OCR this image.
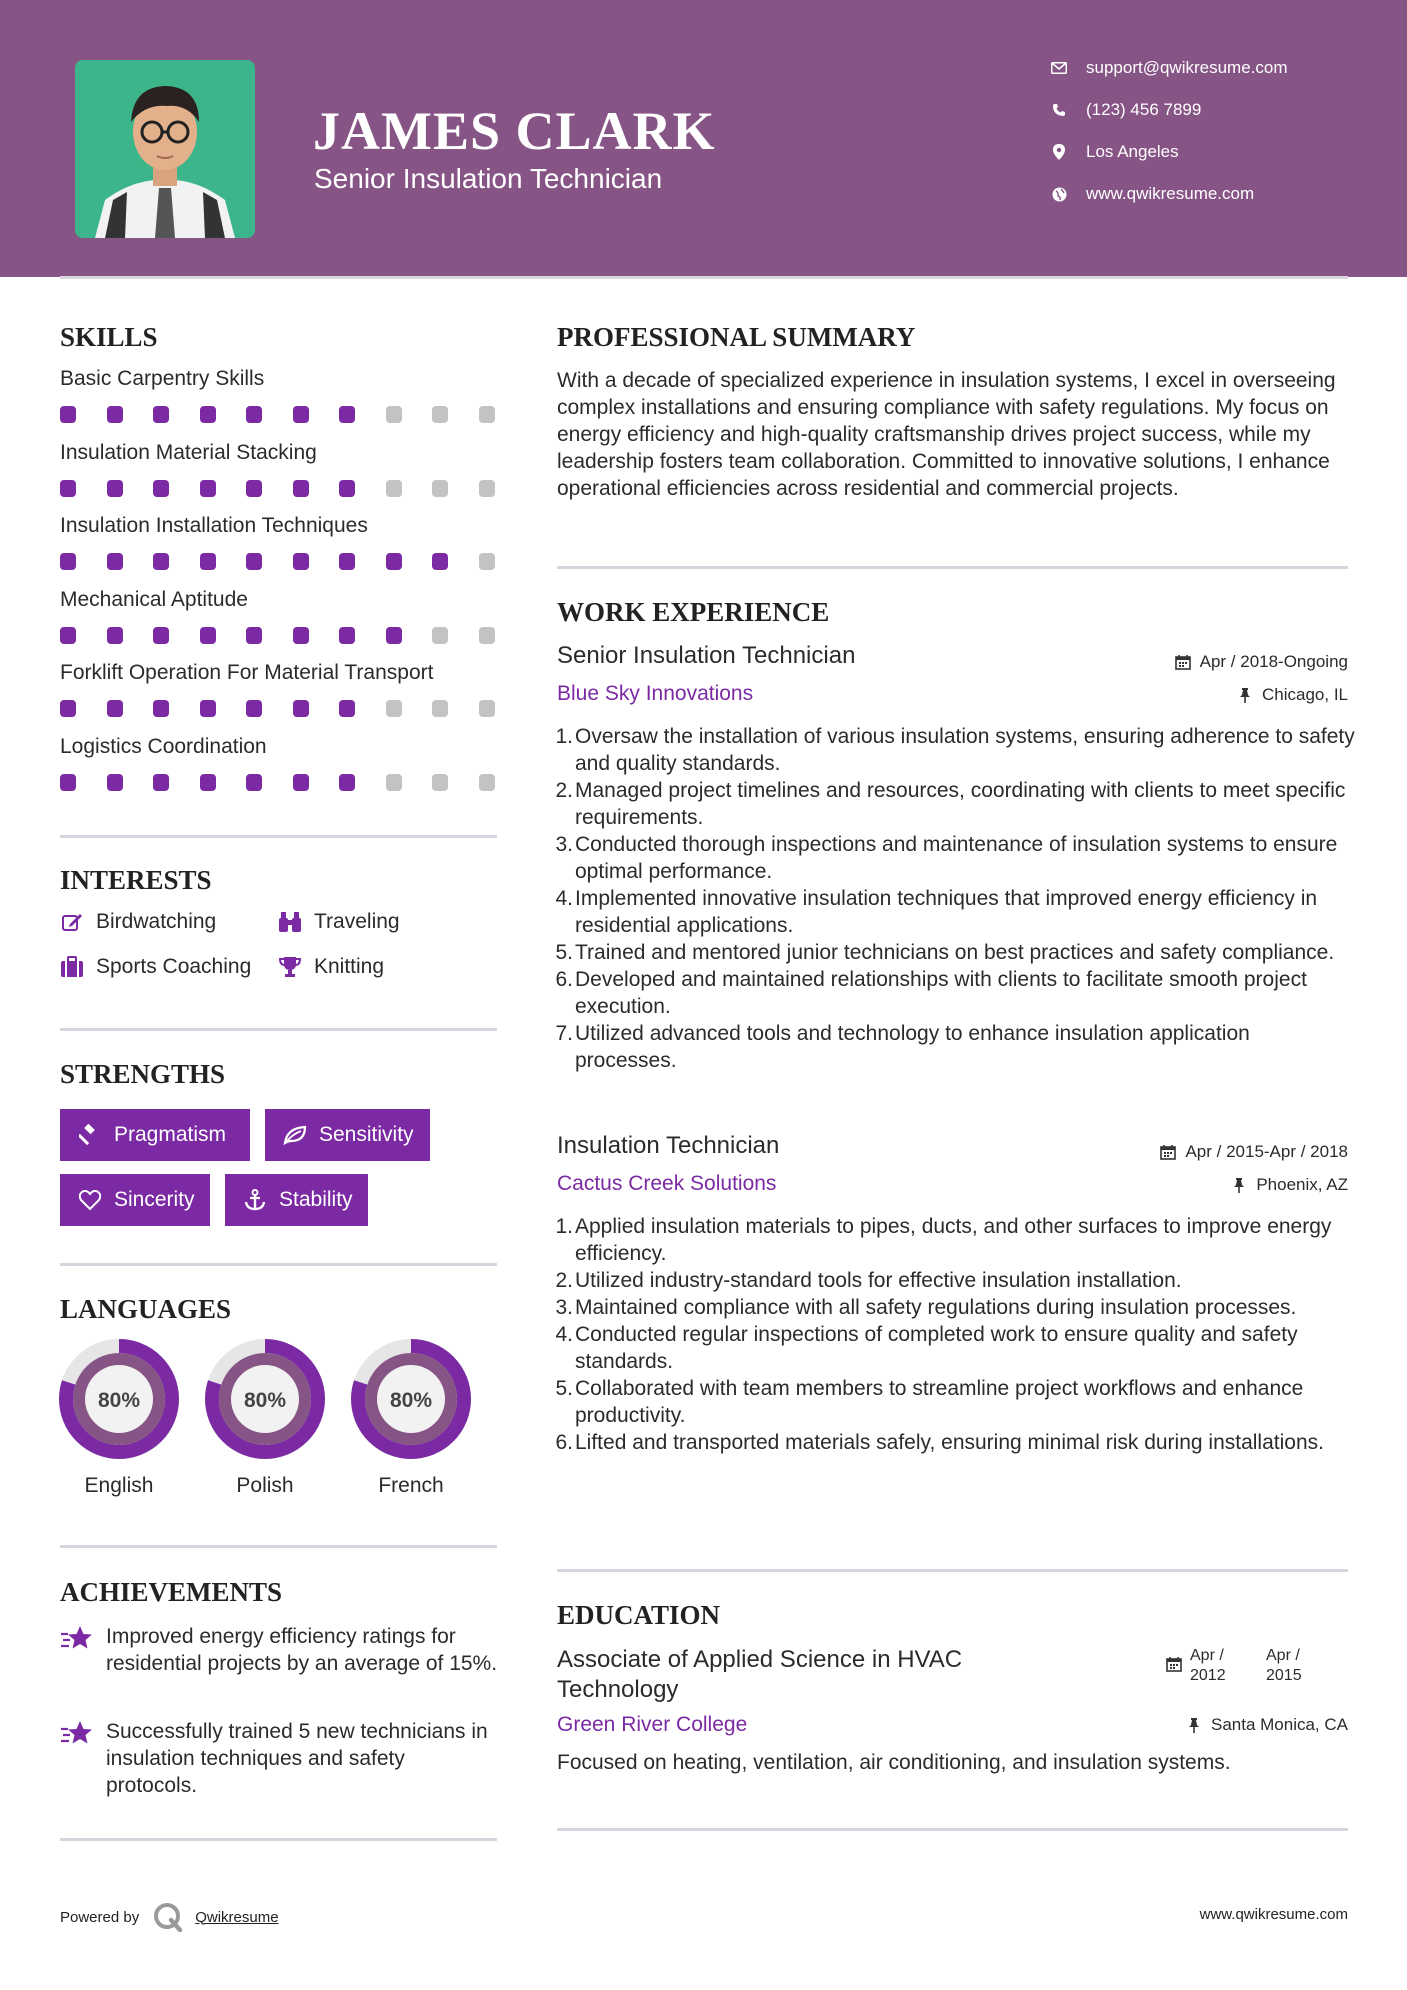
JAMES CLARK
Senior Insulation Technician
support@qwikresume.com
(123) 456 7899
Los Angeles
www.qwikresume.com
SKILLS
Basic Carpentry Skills
Insulation Material Stacking
Insulation Installation Techniques
Mechanical Aptitude
Forklift Operation For Material Transport
Logistics Coordination
INTERESTS
Birdwatching	Traveling
Sports Coaching	Knitting
STRENGTHS
Pragmatism	Sensitivity
Sincerity	Stability
LANGUAGES
80%
English
80%
Polish
80%
French
ACHIEVEMENTS
Improved energy efficiency ratings for residential projects by an average of 15%.
Successfully trained 5 new technicians in insulation techniques and safety protocols.
PROFESSIONAL SUMMARY
With a decade of specialized experience in insulation systems, I excel in overseeing complex installations and ensuring compliance with safety regulations. My focus on energy efficiency and high-quality craftsmanship drives project success, while my leadership fosters team collaboration. Committed to innovative solutions, I enhance operational efficiencies across residential and commercial projects.
WORK EXPERIENCE
Senior Insulation Technician	Apr / 2018-Ongoing
Blue Sky Innovations	Chicago, IL
1. Oversaw the installation of various insulation systems, ensuring adherence to safety and quality standards.
2. Managed project timelines and resources, coordinating with clients to meet specific requirements.
3. Conducted thorough inspections and maintenance of insulation systems to ensure optimal performance.
4. Implemented innovative insulation techniques that improved energy efficiency in residential applications.
5. Trained and mentored junior technicians on best practices and safety compliance.
6. Developed and maintained relationships with clients to facilitate smooth project execution.
7. Utilized advanced tools and technology to enhance insulation application processes.
Insulation Technician	Apr / 2015-Apr / 2018
Cactus Creek Solutions	Phoenix, AZ
1. Applied insulation materials to pipes, ducts, and other surfaces to improve energy efficiency.
2. Utilized industry-standard tools for effective insulation installation.
3. Maintained compliance with all safety regulations during insulation processes.
4. Conducted regular inspections of completed work to ensure quality and safety standards.
5. Collaborated with team members to streamline project workflows and enhance productivity.
6. Lifted and transported materials safely, ensuring minimal risk during installations.
EDUCATION
Associate of Applied Science in HVAC Technology
Apr / 2012
Apr / 2015
Green River College	Santa Monica, CA
Focused on heating, ventilation, air conditioning, and insulation systems.
Powered by	Qwikresume	www.qwikresume.com
